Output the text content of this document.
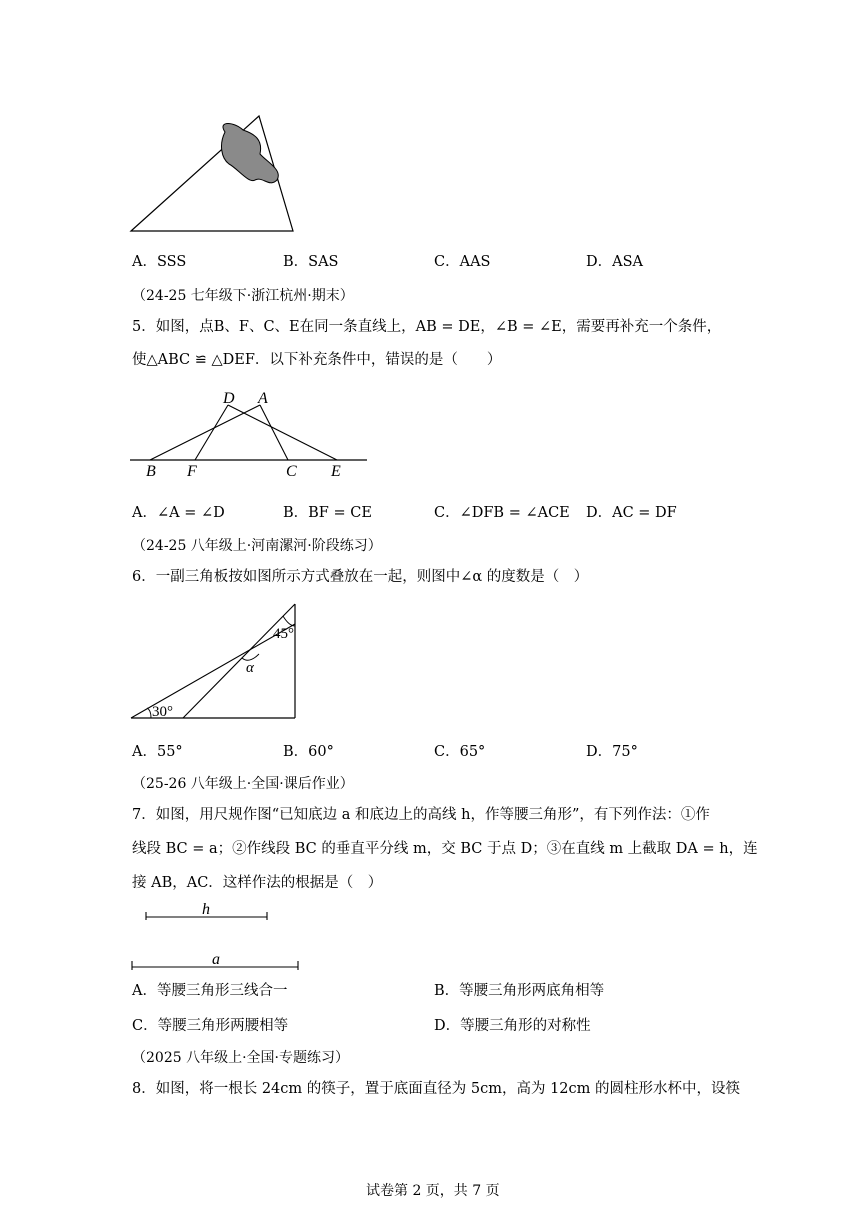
A．SSS	B．SAS	C．AAS	D．ASA
（24-25 七年级下·浙江杭州·期末）
5．如图，点B、F、C、E在同一条直线上，AB = DE，∠B = ∠E，需要再补充一个条件，
使△ABC ≌ △DEF．以下补充条件中，错误的是（　　）
D A
B F	C E
A．∠A = ∠D	B．BF = CE	C．∠DFB = ∠ACE D．AC = DF
（24-25 八年级上·河南漯河·阶段练习）
6．一副三角板按如图所示方式叠放在一起，则图中∠α 的度数是（　）
45°
α
30°
A．55°	B．60°	C．65°	D．75°
（25-26 八年级上·全国·课后作业）
7．如图，用尺规作图“已知底边 a 和底边上的高线 h，作等腰三角形”，有下列作法：①作
线段 BC = a；②作线段 BC 的垂直平分线 m，交 BC 于点 D；③在直线 m 上截取 DA = h，连
接 AB，AC．这样作法的根据是（　）
h
a
A．等腰三角形三线合一	B．等腰三角形两底角相等
C．等腰三角形两腰相等	D．等腰三角形的对称性
（2025 八年级上·全国·专题练习）
8．如图，将一根长 24cm 的筷子，置于底面直径为 5cm，高为 12cm 的圆柱形水杯中，设筷
试卷第 2 页，共 7 页
